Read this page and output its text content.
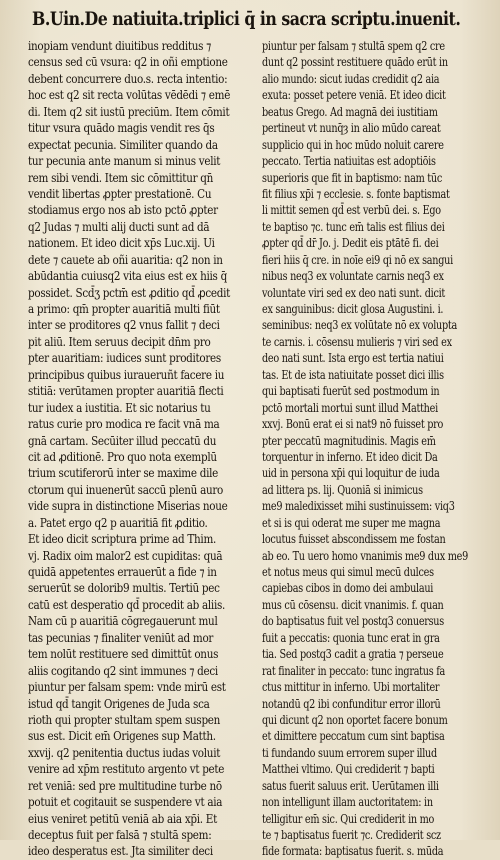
B.Uin.De natiuita.triplici q̄ in sacra scriptu.inuenit.
inopiam vendunt diuitibus redditus ⁊
census sed cū vsura: q2 in oñi emptione
debent concurrere duo.s. recta intentio:
hoc est q2 sit recta volūtas vēdēdi ⁊ emē
di. Item q2 sit iustū preciūm. Item cōmit
titur vsura quādo magis vendit res q̄s
expectat pecunia. Similiter quando da
tur pecunia ante manum si minus velit
rem sibi vendi. Item sic cōmittitur qn̄
vendit libertas ꝓpter prestationē. Cu
stodiamus ergo nos ab isto pctō ꝓpter
q2 Judas ⁊ multi alij ducti sunt ad dā
nationem. Et ideo dicit xp̄s Luc.xij. Ui
dete ⁊ cauete ab oñi auaritia: q2 non in
abūdantia cuiusq2 vita eius est ex hiis q̄
possidet. Scd̄ʒ pctm̄ est ꝓditio qd̄ ꝓcedit
a primo: qm̄ propter auaritiā multi fiūt
inter se proditores q2 vnus fallit ⁊ deci
pit aliū. Item seruus decipit dn̄m pro
pter auaritiam: iudices sunt proditores
principibus quibus iuraueruñt facere iu
stitiā: verūtamen propter auaritiā flecti
tur iudex a iustitia. Et sic notarius tu
ratus curie pro modica re facit vnā ma
gnā cartam. Secūiter illud peccatū du
cit ad ꝓditionē. Pro quo nota exemplū
trium scutiferorū inter se maxime dile
ctorum qui inuenerūt saccū plenū auro
vide supra in distinctione Miserias noue
a. Patet ergo q2 p auaritiā fit ꝓditio.
Et ideo dicit scriptura prime ad Thim.
vj. Radix oim malor2 est cupiditas: quā
quidā appetentes errauerūt a fide ⁊ in
seruerūt se dolorib9 multis. Tertiū pec
catū est desperatio qd̄ procedit ab aliis.
Nam cū p auaritiā cōgregauerunt mul
tas pecunias ⁊ finaliter veniūt ad mor
tem nolūt restituere sed dimittūt onus
aliis cogitando q2 sint immunes ⁊ deci
piuntur per falsam spem: vnde mirū est
istud qd̄ tangit Origenes de Juda sca
rioth qui propter stultam spem suspen
sus est. Dicit em̄ Origenes sup Matth.
xxvij. q2 penitentia ductus iudas voluit
venire ad xp̄m restituto argento vt pete
ret veniā: sed pre multitudine turbe nō
potuit et cogitauit se suspendere vt aia
eius veniret petitū veniā ab aia xp̄i. Et
deceptus fuit per falsā ⁊ stultā spem:
ideo desperatus est. Jta similiter deci
piuntur per falsam ⁊ stultā spem q2 cre
dunt q2 possint restituere quādo erūt in
alio mundo: sicut iudas credidit q2 aia
exuta: posset petere veniā. Et ideo dicit
beatus Grego. Ad magnā dei iustitiam
pertineut vt nunq̄ȝ in alio mūdo careat
supplicio qui in hoc mūdo noluit carere
peccato. Tertia natiuitas est adoptiōis
superioris que fit in baptismo: nam tūc
fit filius xp̄i ⁊ ecclesie. s. fonte baptismat
li mittit semen qd̄ est verbū dei. s. Ego
te baptiso ⁊c. tunc em̄ talis est filius dei
ꝓpter qd̄ dr̄ Jo. j. Dedit eis ptātē fi. dei
fieri hiis q̄ cre. in noīe ei9 qi nō ex sangui
nibus neq3 ex voluntate carnis neq3 ex
voluntate viri sed ex deo nati sunt. dicit
ex sanguinibus: dicit glosa Augustini. i.
seminibus: neq3 ex volūtate nō ex volupta
te carnis. i. cōsensu mulieris ⁊ viri sed ex
deo nati sunt. Ista ergo est tertia natiui
tas. Et de ista natiuitate posset dici illis
qui baptisati fuerūt sed postmodum in
pctō mortali mortui sunt illud Matthei
xxvj. Bonū erat ei si nat9 nō fuisset pro
pter peccatū magnitudinis. Magis em̄
torquentur in inferno. Et ideo dicit Da
uid in persona xp̄i qui loquitur de iuda
ad littera ps. lij. Quoniā si inimicus
me9 maledixisset mihi sustinuissem: viq3
et si is qui oderat me super me magna
locutus fuisset abscondissem me fostan
ab eo. Tu uero homo vnanimis me9 dux me9
et notus meus qui simul mecū dulces
capiebas cibos in domo dei ambulaui
mus cū cōsensu. dicit vnanimis. f. quan
do baptisatus fuit vel postq3 conuersus
fuit a peccatis: quonia tunc erat in gra
tia. Sed postq3 cadit a gratia ⁊ perseue
rat finaliter in peccato: tunc ingratus fa
ctus mittitur in inferno. Ubi mortaliter
notandū q2 ibi confunditur error illorū
qui dicunt q2 non oportet facere bonum
et dimittere peccatum cum sint baptisa
ti fundando suum errorem super illud
Matthei vltimo. Qui crediderit ⁊ bapti
satus fuerit saluus erit. Uerūtamen illi
non intelligunt illam auctoritatem: in
telligitur em̄ sic. Qui crediderit in mo
te ⁊ baptisatus fuerit ⁊c. Crediderit scz
fide formata: baptisatus fuerit. s. mūda
